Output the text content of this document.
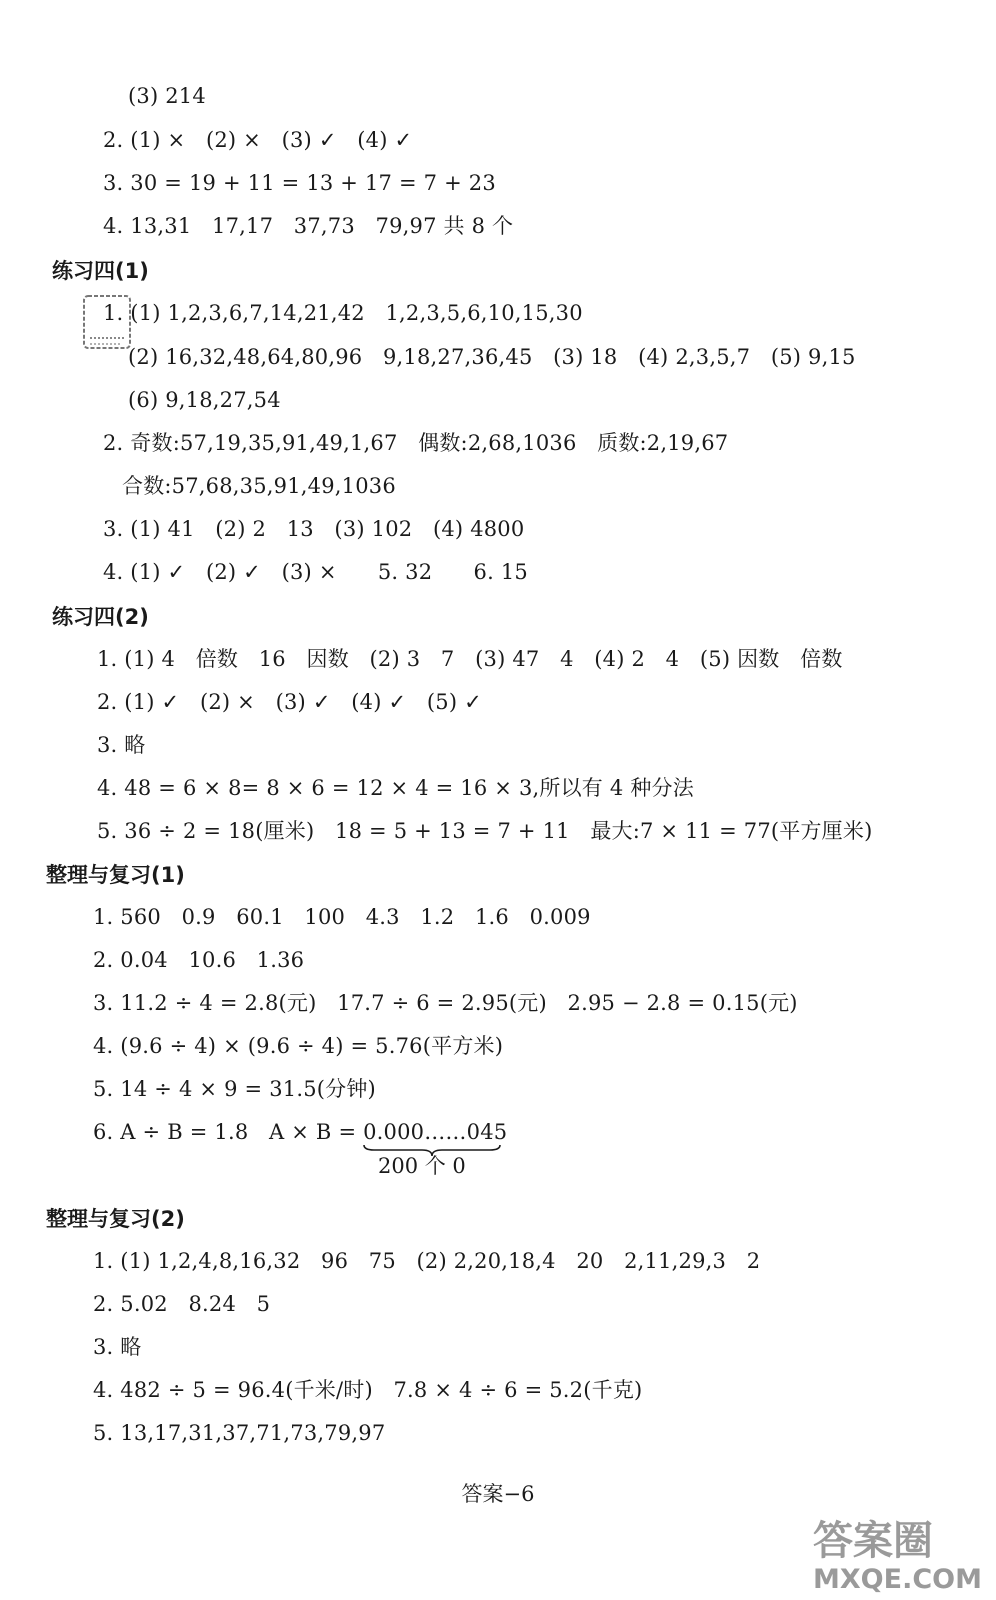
(3) 214
2. (1) ×   (2) ×   (3) ✓   (4) ✓
3. 30 = 19 + 11 = 13 + 17 = 7 + 23
4. 13,31   17,17   37,73   79,97 共 8 个
练习四(1)
1. (1) 1,2,3,6,7,14,21,42   1,2,3,5,6,10,15,30
(2) 16,32,48,64,80,96   9,18,27,36,45   (3) 18   (4) 2,3,5,7   (5) 9,15
(6) 9,18,27,54
2. 奇数:57,19,35,91,49,1,67   偶数:2,68,1036   质数:2,19,67
合数:57,68,35,91,49,1036
3. (1) 41   (2) 2   13   (3) 102   (4) 4800
4. (1) ✓   (2) ✓   (3) ×      5. 32      6. 15
练习四(2)
1. (1) 4   倍数   16   因数   (2) 3   7   (3) 47   4   (4) 2   4   (5) 因数   倍数
2. (1) ✓   (2) ×   (3) ✓   (4) ✓   (5) ✓
3. 略
4. 48 = 6 × 8= 8 × 6 = 12 × 4 = 16 × 3,所以有 4 种分法
5. 36 ÷ 2 = 18(厘米)   18 = 5 + 13 = 7 + 11   最大:7 × 11 = 77(平方厘米)
整理与复习(1)
1. 560   0.9   60.1   100   4.3   1.2   1.6   0.009
2. 0.04   10.6   1.36
3. 11.2 ÷ 4 = 2.8(元)   17.7 ÷ 6 = 2.95(元)   2.95 − 2.8 = 0.15(元)
4. (9.6 ÷ 4) × (9.6 ÷ 4) = 5.76(平方米)
5. 14 ÷ 4 × 9 = 31.5(分钟)
6. A ÷ B = 1.8   A × B = 0.000……045
200 个 0
整理与复习(2)
1. (1) 1,2,4,8,16,32   96   75   (2) 2,20,18,4   20   2,11,29,3   2
2. 5.02   8.24   5
3. 略
4. 482 ÷ 5 = 96.4(千米/时)   7.8 × 4 ÷ 6 = 5.2(千克)
5. 13,17,31,37,71,73,79,97
答案−6
答案圈
MXQE.COM
